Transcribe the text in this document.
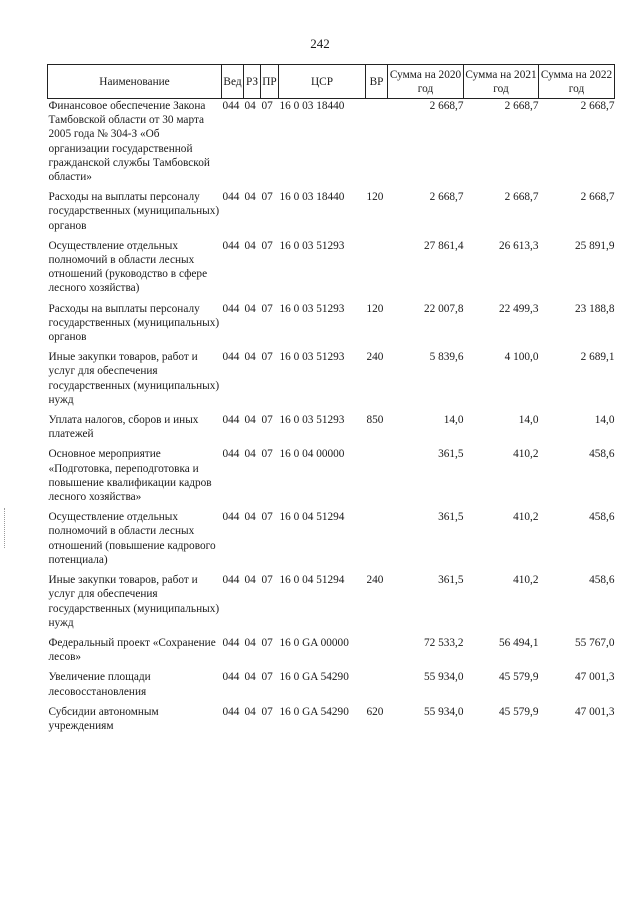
242
Наименование	Вед	РЗ	ПР	ЦСР	ВР	Сумма на 2020 год	Сумма на 2021 год	Сумма на 2022 год
Финансовое обеспечение Закона Тамбовской области от 30 марта 2005 года № 304-З «Об организации государственной гражданской службы Тамбовской области»	044	04	07	16 0 03 18440		2 668,7	2 668,7	2 668,7
Расходы на выплаты персоналу государственных (муниципальных) органов	044	04	07	16 0 03 18440	120	2 668,7	2 668,7	2 668,7
Осуществление отдельных полномочий в области лесных отношений (руководство в сфере лесного хозяйства)	044	04	07	16 0 03 51293		27 861,4	26 613,3	25 891,9
Расходы на выплаты персоналу государственных (муниципальных) органов	044	04	07	16 0 03 51293	120	22 007,8	22 499,3	23 188,8
Иные закупки товаров, работ и услуг для обеспечения государственных (муниципальных) нужд	044	04	07	16 0 03 51293	240	5 839,6	4 100,0	2 689,1
Уплата налогов, сборов и иных платежей	044	04	07	16 0 03 51293	850	14,0	14,0	14,0
Основное мероприятие «Подготовка, переподготовка и повышение квалификации кадров лесного хозяйства»	044	04	07	16 0 04 00000		361,5	410,2	458,6
Осуществление отдельных полномочий в области лесных отношений (повышение кадрового потенциала)	044	04	07	16 0 04 51294		361,5	410,2	458,6
Иные закупки товаров, работ и услуг для обеспечения государственных (муниципальных) нужд	044	04	07	16 0 04 51294	240	361,5	410,2	458,6
Федеральный проект «Сохранение лесов»	044	04	07	16 0 GA 00000		72 533,2	56 494,1	55 767,0
Увеличение площади лесовосстановления	044	04	07	16 0 GA 54290		55 934,0	45 579,9	47 001,3
Субсидии автономным учреждениям	044	04	07	16 0 GA 54290	620	55 934,0	45 579,9	47 001,3
